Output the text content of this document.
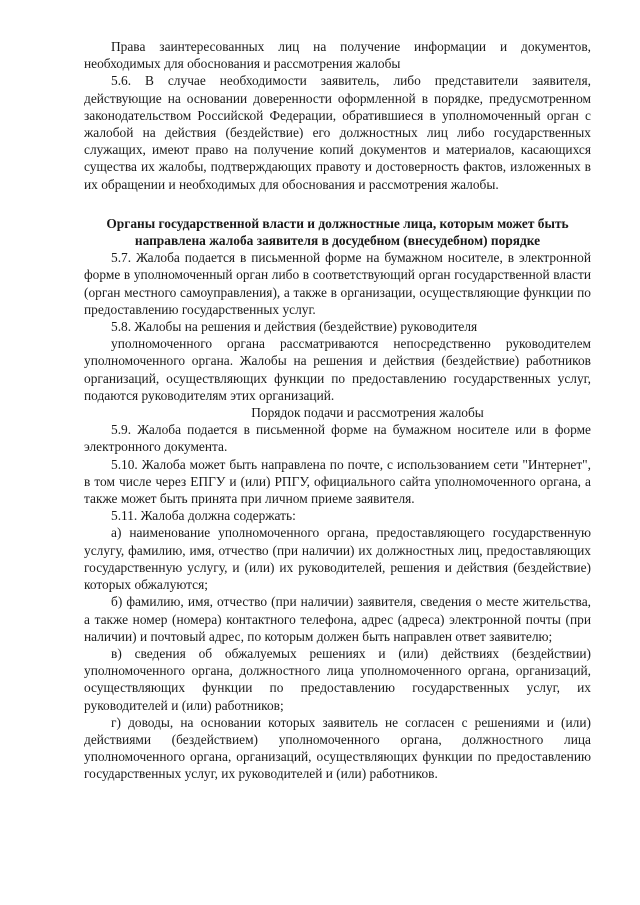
Права заинтересованных лиц на получение информации и документов, необходимых для обоснования и рассмотрения жалобы

5.6. В случае необходимости заявитель, либо представители заявителя, действующие на основании доверенности оформленной в порядке, предусмотренном законодательством Российской Федерации, обратившиеся в уполномоченный орган с жалобой на действия (бездействие) его должностных лиц либо государственных служащих, имеют право на получение копий документов и материалов, касающихся существа их жалобы, подтверждающих правоту и достоверность фактов, изложенных в их обращении и необходимых для обоснования и рассмотрения жалобы.

Органы государственной власти и должностные лица, которым может быть направлена жалоба заявителя в досудебном (внесудебном) порядке

5.7. Жалоба подается в письменной форме на бумажном носителе, в электронной форме в уполномоченный орган либо в соответствующий орган государственной власти (орган местного самоуправления), а также в организации, осуществляющие функции по предоставлению государственных услуг.

5.8. Жалобы на решения и действия (бездействие) руководителя

уполномоченного органа рассматриваются непосредственно руководителем уполномоченного органа. Жалобы на решения и действия (бездействие) работников организаций, осуществляющих функции по предоставлению государственных услуг, подаются руководителям этих организаций.

Порядок подачи и рассмотрения жалобы

5.9. Жалоба подается в письменной форме на бумажном носителе или в форме электронного документа.

5.10. Жалоба может быть направлена по почте, с использованием сети "Интернет", в том числе через ЕПГУ и (или) РПГУ, официального сайта уполномоченного органа, а также может быть принята при личном приеме заявителя.

5.11. Жалоба должна содержать:

а) наименование уполномоченного органа, предоставляющего государственную услугу, фамилию, имя, отчество (при наличии) их должностных лиц, предоставляющих государственную услугу, и (или) их руководителей, решения и действия (бездействие) которых обжалуются;

б) фамилию, имя, отчество (при наличии) заявителя, сведения о месте жительства, а также номер (номера) контактного телефона, адрес (адреса) электронной почты (при наличии) и почтовый адрес, по которым должен быть направлен ответ заявителю;

в) сведения об обжалуемых решениях и (или) действиях (бездействии) уполномоченного органа, должностного лица уполномоченного органа, организаций, осуществляющих функции по предоставлению государственных услуг, их руководителей и (или) работников;

г) доводы, на основании которых заявитель не согласен с решениями и (или) действиями (бездействием) уполномоченного органа, должностного лица уполномоченного органа, организаций, осуществляющих функции по предоставлению государственных услуг, их руководителей и (или) работников.
